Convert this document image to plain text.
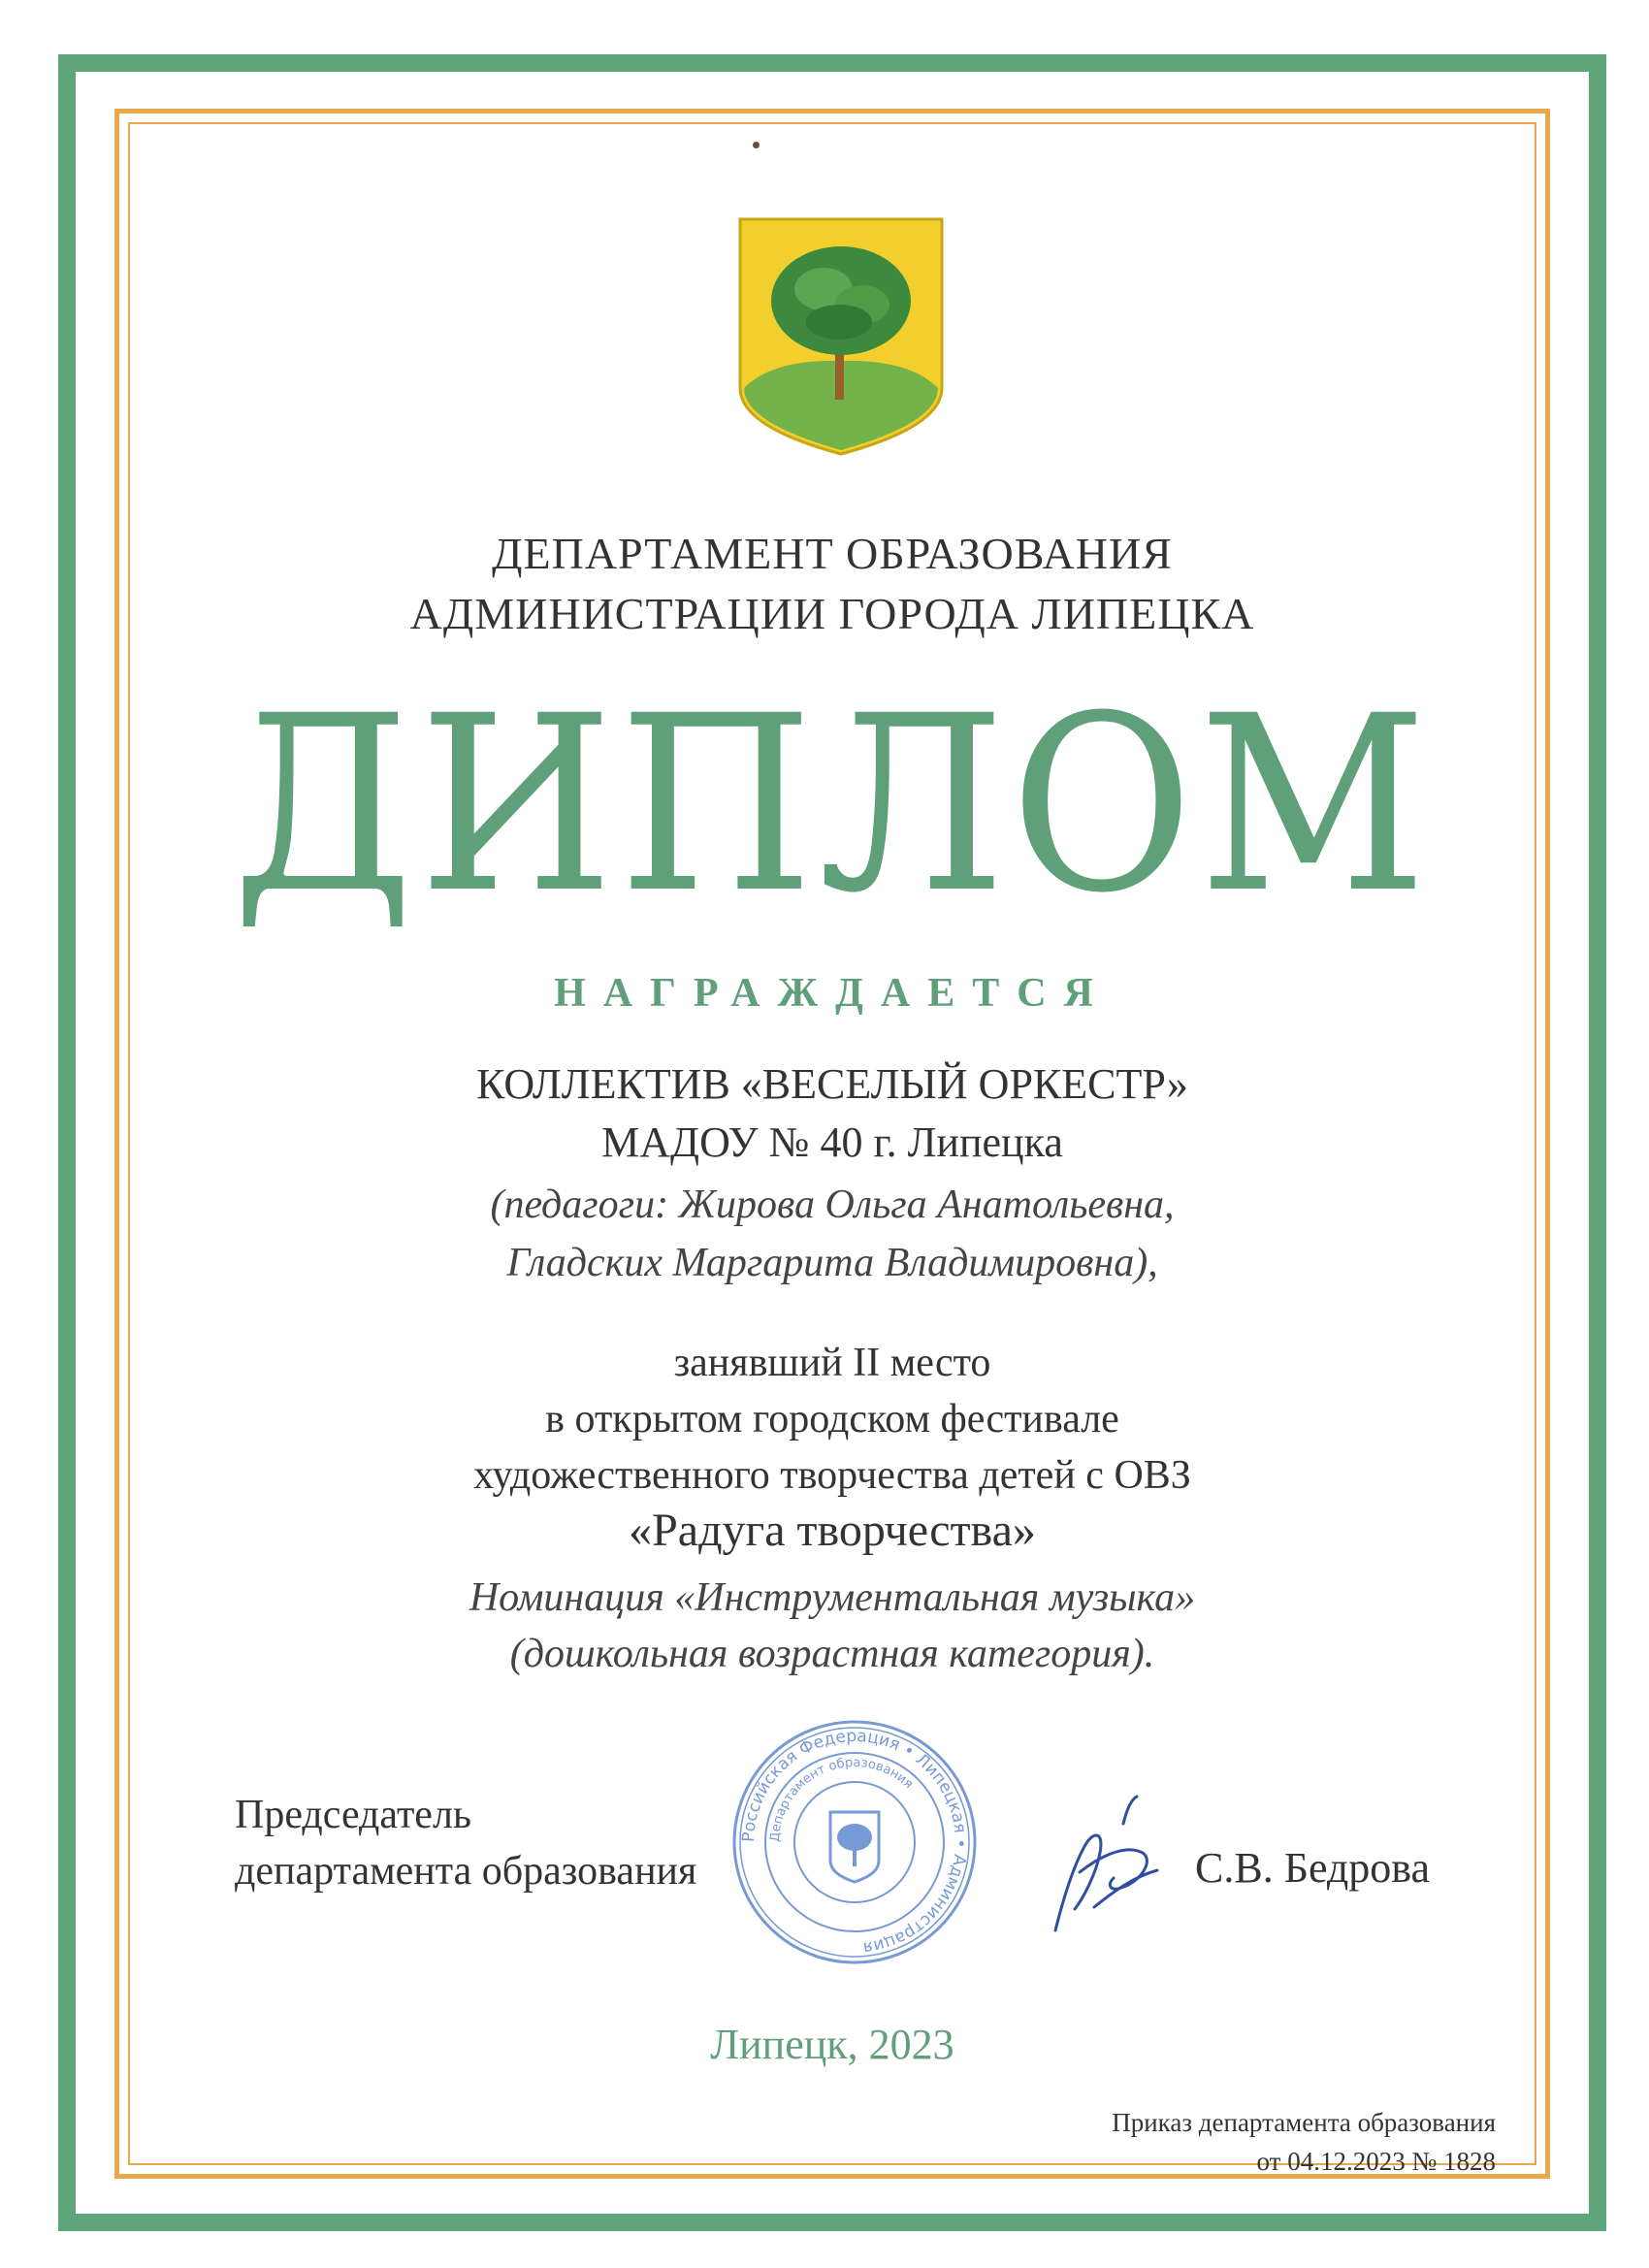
ДЕПАРТАМЕНТ ОБРАЗОВАНИЯ
АДМИНИСТРАЦИИ ГОРОДА ЛИПЕЦКА
ДИПЛОМ
НАГРАЖДАЕТСЯ
КОЛЛЕКТИВ «ВЕСЕЛЫЙ ОРКЕСТР»
МАДОУ № 40 г. Липецка
(педагоги: Жирова Ольга Анатольевна,
Гладских Маргарита Владимировна),
занявший II место
в открытом городском фестивале
художественного творчества детей с ОВЗ
«Радуга творчества»
Номинация «Инструментальная музыка»
(дошкольная возрастная категория).
Председатель
департамента образования
Российская Федерация • Липецкая • Администрация
Департамент образования
С.В. Бедрова
Липецк, 2023
Приказ департамента образования
от 04.12.2023 № 1828
